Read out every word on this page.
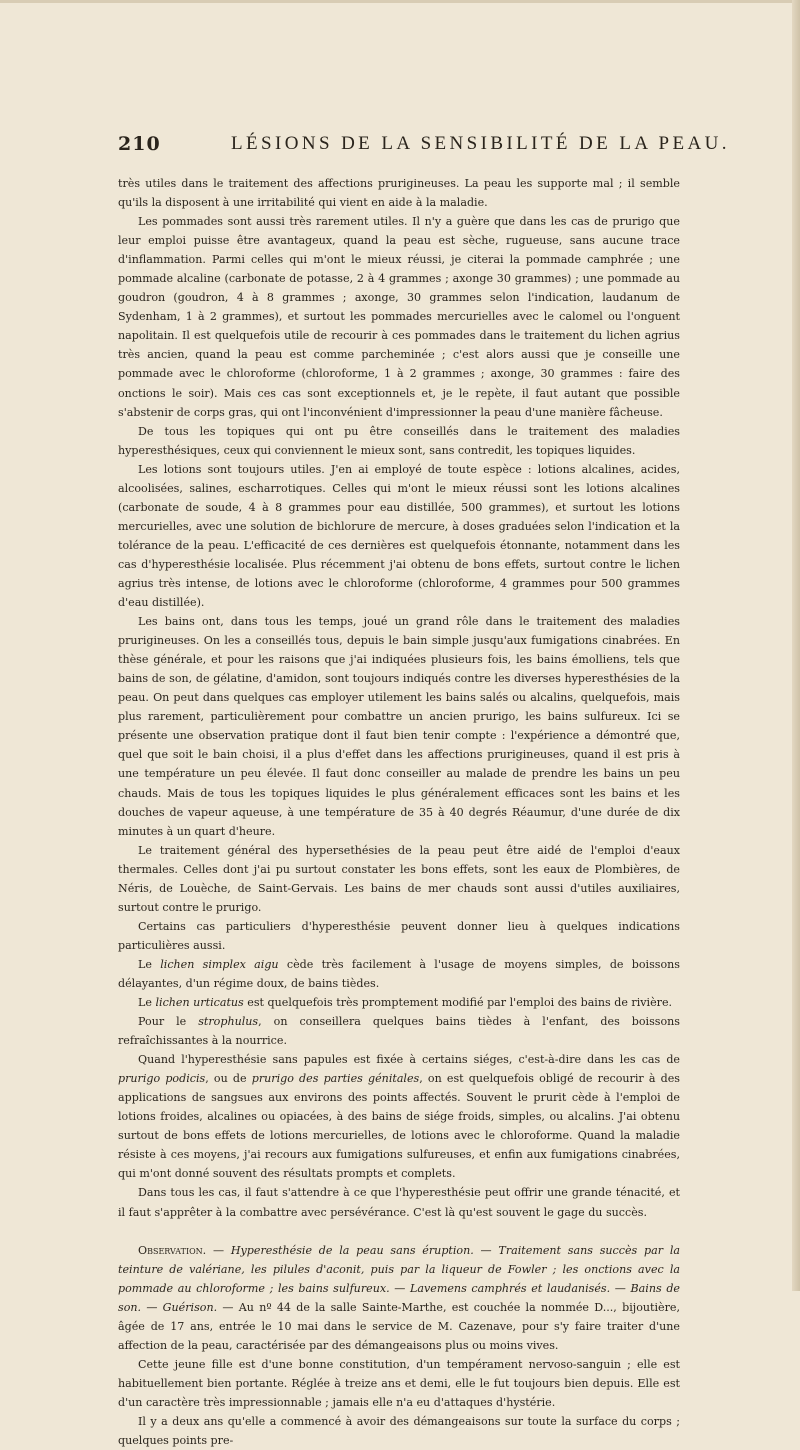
210	LÉSIONS DE LA SENSIBILITÉ DE LA PEAU.

très utiles dans le traitement des affections prurigineuses. La peau les supporte mal ; il semble qu'ils la disposent à une irritabilité qui vient en aide à la maladie.

Les pommades sont aussi très rarement utiles. Il n'y a guère que dans les cas de prurigo que leur emploi puisse être avantageux, quand la peau est sèche, rugueuse, sans aucune trace d'inflammation. Parmi celles qui m'ont le mieux réussi, je citerai la pommade camphrée ; une pommade alcaline (carbonate de potasse, 2 à 4 grammes ; axonge 30 grammes) ; une pommade au goudron (goudron, 4 à 8 grammes ; axonge, 30 grammes selon l'indication, laudanum de Sydenham, 1 à 2 grammes), et surtout les pommades mercurielles avec le calomel ou l'onguent napolitain. Il est quelquefois utile de recourir à ces pommades dans le traitement du lichen agrius très ancien, quand la peau est comme parcheminée ; c'est alors aussi que je conseille une pommade avec le chloroforme (chloroforme, 1 à 2 grammes ; axonge, 30 grammes : faire des onctions le soir). Mais ces cas sont exceptionnels et, je le repète, il faut autant que possible s'abstenir de corps gras, qui ont l'inconvénient d'impressionner la peau d'une manière fâcheuse.

De tous les topiques qui ont pu être conseillés dans le traitement des maladies hyperesthésiques, ceux qui conviennent le mieux sont, sans contredit, les topiques liquides.

Les lotions sont toujours utiles. J'en ai employé de toute espèce : lotions alcalines, acides, alcoolisées, salines, escharrotiques. Celles qui m'ont le mieux réussi sont les lotions alcalines (carbonate de soude, 4 à 8 grammes pour eau distillée, 500 grammes), et surtout les lotions mercurielles, avec une solution de bichlorure de mercure, à doses graduées selon l'indication et la tolérance de la peau. L'efficacité de ces dernières est quelquefois étonnante, notamment dans les cas d'hyperesthésie localisée. Plus récemment j'ai obtenu de bons effets, surtout contre le lichen agrius très intense, de lotions avec le chloroforme (chloroforme, 4 grammes pour 500 grammes d'eau distillée).

Les bains ont, dans tous les temps, joué un grand rôle dans le traitement des maladies prurigineuses. On les a conseillés tous, depuis le bain simple jusqu'aux fumigations cinabrées. En thèse générale, et pour les raisons que j'ai indiquées plusieurs fois, les bains émolliens, tels que bains de son, de gélatine, d'amidon, sont toujours indiqués contre les diverses hyperesthésies de la peau. On peut dans quelques cas employer utilement les bains salés ou alcalins, quelquefois, mais plus rarement, particulièrement pour combattre un ancien prurigo, les bains sulfureux. Ici se présente une observation pratique dont il faut bien tenir compte : l'expérience a démontré que, quel que soit le bain choisi, il a plus d'effet dans les affections prurigineuses, quand il est pris à une température un peu élevée. Il faut donc conseiller au malade de prendre les bains un peu chauds. Mais de tous les topiques liquides le plus généralement efficaces sont les bains et les douches de vapeur aqueuse, à une température de 35 à 40 degrés Réaumur, d'une durée de dix minutes à un quart d'heure.

Le traitement général des hypersethésies de la peau peut être aidé de l'emploi d'eaux thermales. Celles dont j'ai pu surtout constater les bons effets, sont les eaux de Plombières, de Néris, de Louèche, de Saint-Gervais. Les bains de mer chauds sont aussi d'utiles auxiliaires, surtout contre le prurigo.

Certains cas particuliers d'hyperesthésie peuvent donner lieu à quelques indications particulières aussi.

Le lichen simplex aigu cède très facilement à l'usage de moyens simples, de boissons délayantes, d'un régime doux, de bains tièdes.

Le lichen urticatus est quelquefois très promptement modifié par l'emploi des bains de rivière.

Pour le strophulus, on conseillera quelques bains tièdes à l'enfant, des boissons refraîchissantes à la nourrice.

Quand l'hyperesthésie sans papules est fixée à certains siéges, c'est-à-dire dans les cas de prurigo podicis, ou de prurigo des parties génitales, on est quelquefois obligé de recourir à des applications de sangsues aux environs des points affectés. Souvent le prurit cède à l'emploi de lotions froides, alcalines ou opiacées, à des bains de siége froids, simples, ou alcalins. J'ai obtenu surtout de bons effets de lotions mercurielles, de lotions avec le chloroforme. Quand la maladie résiste à ces moyens, j'ai recours aux fumigations sulfureuses, et enfin aux fumigations cinabrées, qui m'ont donné souvent des résultats prompts et complets.

Dans tous les cas, il faut s'attendre à ce que l'hyperesthésie peut offrir une grande ténacité, et il faut s'apprêter à la combattre avec persévérance. C'est là qu'est souvent le gage du succès.

Observation. — Hyperesthésie de la peau sans éruption. — Traitement sans succès par la teinture de valériane, les pilules d'aconit, puis par la liqueur de Fowler ; les onctions avec la pommade au chloroforme ; les bains sulfureux. — Lavemens camphrés et laudanisés. — Bains de son. — Guérison. — Au nº 44 de la salle Sainte-Marthe, est couchée la nommée D..., bijoutière, âgée de 17 ans, entrée le 10 mai dans le service de M. Cazenave, pour s'y faire traiter d'une affection de la peau, caractérisée par des démangeaisons plus ou moins vives.

Cette jeune fille est d'une bonne constitution, d'un tempérament nervoso-sanguin ; elle est habituellement bien portante. Réglée à treize ans et demi, elle le fut toujours bien depuis. Elle est d'un caractère très impressionnable ; jamais elle n'a eu d'attaques d'hystérie.

Il y a deux ans qu'elle a commencé à avoir des démangeaisons sur toute la surface du corps ; quelques points pre-
